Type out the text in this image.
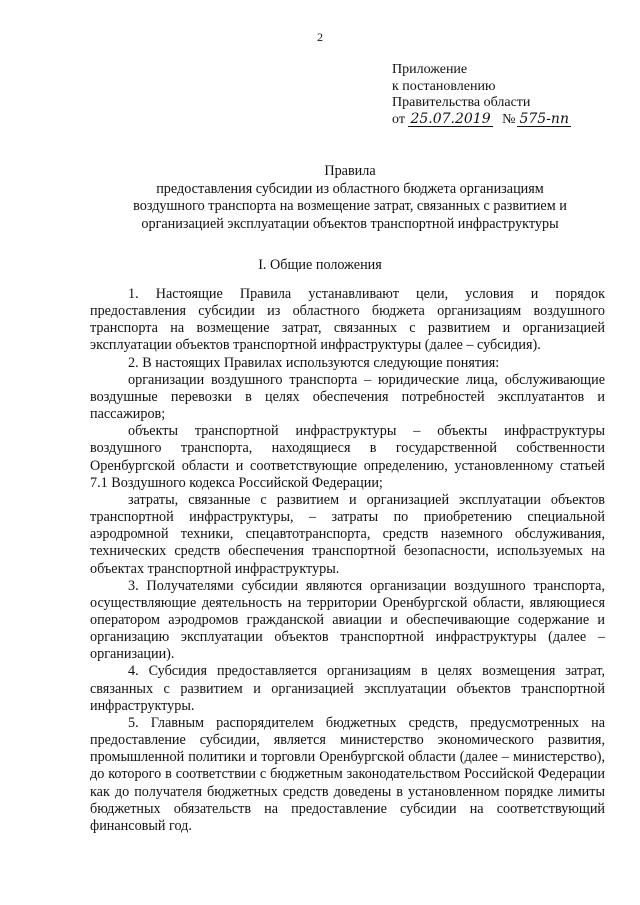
2
Приложение
к постановлению
Правительства области
от 25.07.2019 № 575-пп
Правила
предоставления субсидии из областного бюджета организациям
воздушного транспорта на возмещение затрат, связанных с развитием и
организацией эксплуатации объектов транспортной инфраструктуры
I. Общие положения

1. Настоящие Правила устанавливают цели, условия и порядок предоставления субсидии из областного бюджета организациям воздушного транспорта на возмещение затрат, связанных с развитием и организацией эксплуатации объектов транспортной инфраструктуры (далее – субсидия).

2. В настоящих Правилах используются следующие понятия:

организации воздушного транспорта – юридические лица, обслуживающие воздушные перевозки в целях обеспечения потребностей эксплуатантов и пассажиров;

объекты транспортной инфраструктуры – объекты инфраструктуры воздушного транспорта, находящиеся в государственной собственности Оренбургской области и соответствующие определению, установленному статьей 7.1 Воздушного кодекса Российской Федерации;

затраты, связанные с развитием и организацией эксплуатации объектов транспортной инфраструктуры, – затраты по приобретению специальной аэродромной техники, спецавтотранспорта, средств наземного обслуживания, технических средств обеспечения транспортной безопасности, используемых на объектах транспортной инфраструктуры.

3. Получателями субсидии являются организации воздушного транспорта, осуществляющие деятельность на территории Оренбургской области, являющиеся оператором аэродромов гражданской авиации и обеспечивающие содержание и организацию эксплуатации объектов транспортной инфраструктуры (далее – организации).

4. Субсидия предоставляется организациям в целях возмещения затрат, связанных с развитием и организацией эксплуатации объектов транспортной инфраструктуры.

5. Главным распорядителем бюджетных средств, предусмотренных на предоставление субсидии, является министерство экономического развития, промышленной политики и торговли Оренбургской области (далее – министерство), до которого в соответствии с бюджетным законодательством Российской Федерации как до получателя бюджетных средств доведены в установленном порядке лимиты бюджетных обязательств на предоставление субсидии на соответствующий финансовый год.
